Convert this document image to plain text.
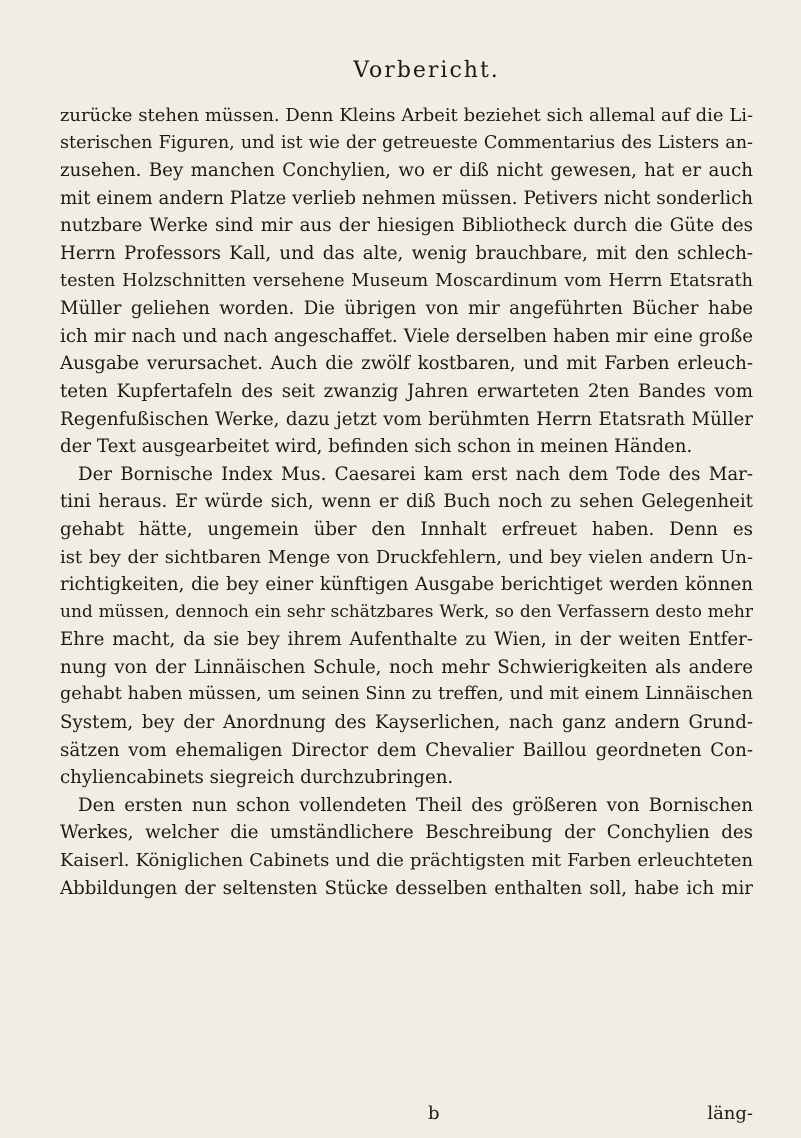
Vorbericht.
zurücke stehen müssen. Denn Kleins Arbeit beziehet sich allemal auf die Li-
sterischen Figuren, und ist wie der getreueste Commentarius des Listers an-
zusehen. Bey manchen Conchylien, wo er diß nicht gewesen, hat er auch
mit einem andern Platze verlieb nehmen müssen. Petivers nicht sonderlich
nutzbare Werke sind mir aus der hiesigen Bibliotheck durch die Güte des
Herrn Professors Kall, und das alte, wenig brauchbare, mit den schlech-
testen Holzschnitten versehene Museum Moscardinum vom Herrn Etatsrath
Müller geliehen worden. Die übrigen von mir angeführten Bücher habe
ich mir nach und nach angeschaffet. Viele derselben haben mir eine große
Ausgabe verursachet. Auch die zwölf kostbaren, und mit Farben erleuch-
teten Kupfertafeln des seit zwanzig Jahren erwarteten 2ten Bandes vom
Regenfußischen Werke, dazu jetzt vom berühmten Herrn Etatsrath Müller
der Text ausgearbeitet wird, befinden sich schon in meinen Händen.
Der Bornische Index Mus. Caesarei kam erst nach dem Tode des Mar-
tini heraus. Er würde sich, wenn er diß Buch noch zu sehen Gelegenheit
gehabt hätte, ungemein über den Innhalt erfreuet haben. Denn es
ist bey der sichtbaren Menge von Druckfehlern, und bey vielen andern Un-
richtigkeiten, die bey einer künftigen Ausgabe berichtiget werden können
und müssen, dennoch ein sehr schätzbares Werk, so den Verfassern desto mehr
Ehre macht, da sie bey ihrem Aufenthalte zu Wien, in der weiten Entfer-
nung von der Linnäischen Schule, noch mehr Schwierigkeiten als andere
gehabt haben müssen, um seinen Sinn zu treffen, und mit einem Linnäischen
System, bey der Anordnung des Kayserlichen, nach ganz andern Grund-
sätzen vom ehemaligen Director dem Chevalier Baillou geordneten Con-
chyliencabinets siegreich durchzubringen.
Den ersten nun schon vollendeten Theil des größeren von Bornischen
Werkes, welcher die umständlichere Beschreibung der Conchylien des
Kaiserl. Königlichen Cabinets und die prächtigsten mit Farben erleuchteten
Abbildungen der seltensten Stücke desselben enthalten soll, habe ich mir
b	läng-
